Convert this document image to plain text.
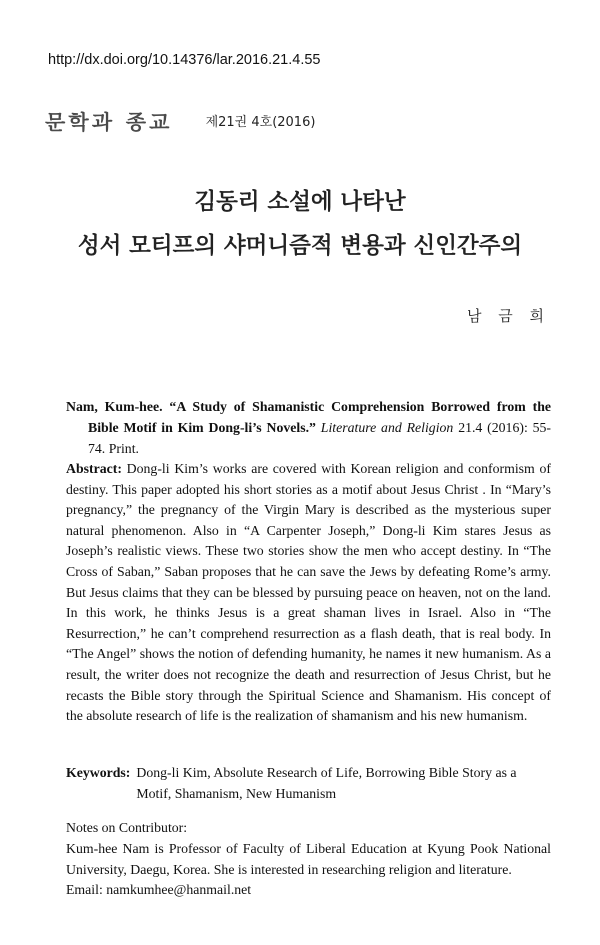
http://dx.doi.org/10.14376/lar.2016.21.4.55
문학과 종교	제21권 4호(2016)
김동리 소설에 나타난
성서 모티프의 샤머니즘적 변용과 신인간주의
남 금 희
Nam, Kum-hee. “A Study of Shamanistic Comprehension Borrowed from the Bible Motif in Kim Dong-li’s Novels.” Literature and Religion 21.4 (2016): 55-74. Print.
Abstract: Dong-li Kim’s works are covered with Korean religion and conformism of destiny. This paper adopted his short stories as a motif about Jesus Christ . In “Mary’s pregnancy,” the pregnancy of the Virgin Mary is described as the mysterious super natural phenomenon. Also in “A Carpenter Joseph,” Dong-li Kim stares Jesus as Joseph’s realistic views. These two stories show the men who accept destiny. In “The Cross of Saban,” Saban proposes that he can save the Jews by defeating Rome’s army. But Jesus claims that they can be blessed by pursuing peace on heaven, not on the land. In this work, he thinks Jesus is a great shaman lives in Israel. Also in “The Resurrection,” he can’t comprehend resurrection as a flash death, that is real body. In “The Angel” shows the notion of defending humanity, he names it new humanism. As a result, the writer does not recognize the death and resurrection of Jesus Christ, but he recasts the Bible story through the Spiritual Science and Shamanism. His concept of the absolute research of life is the realization of shamanism and his new humanism.
Keywords: Dong-li Kim, Absolute Research of Life, Borrowing Bible Story as a Motif, Shamanism, New Humanism
Notes on Contributor:
Kum-hee Nam is Professor of Faculty of Liberal Education at Kyung Pook National University, Daegu, Korea. She is interested in researching religion and literature.
Email: namkumhee@hanmail.net
